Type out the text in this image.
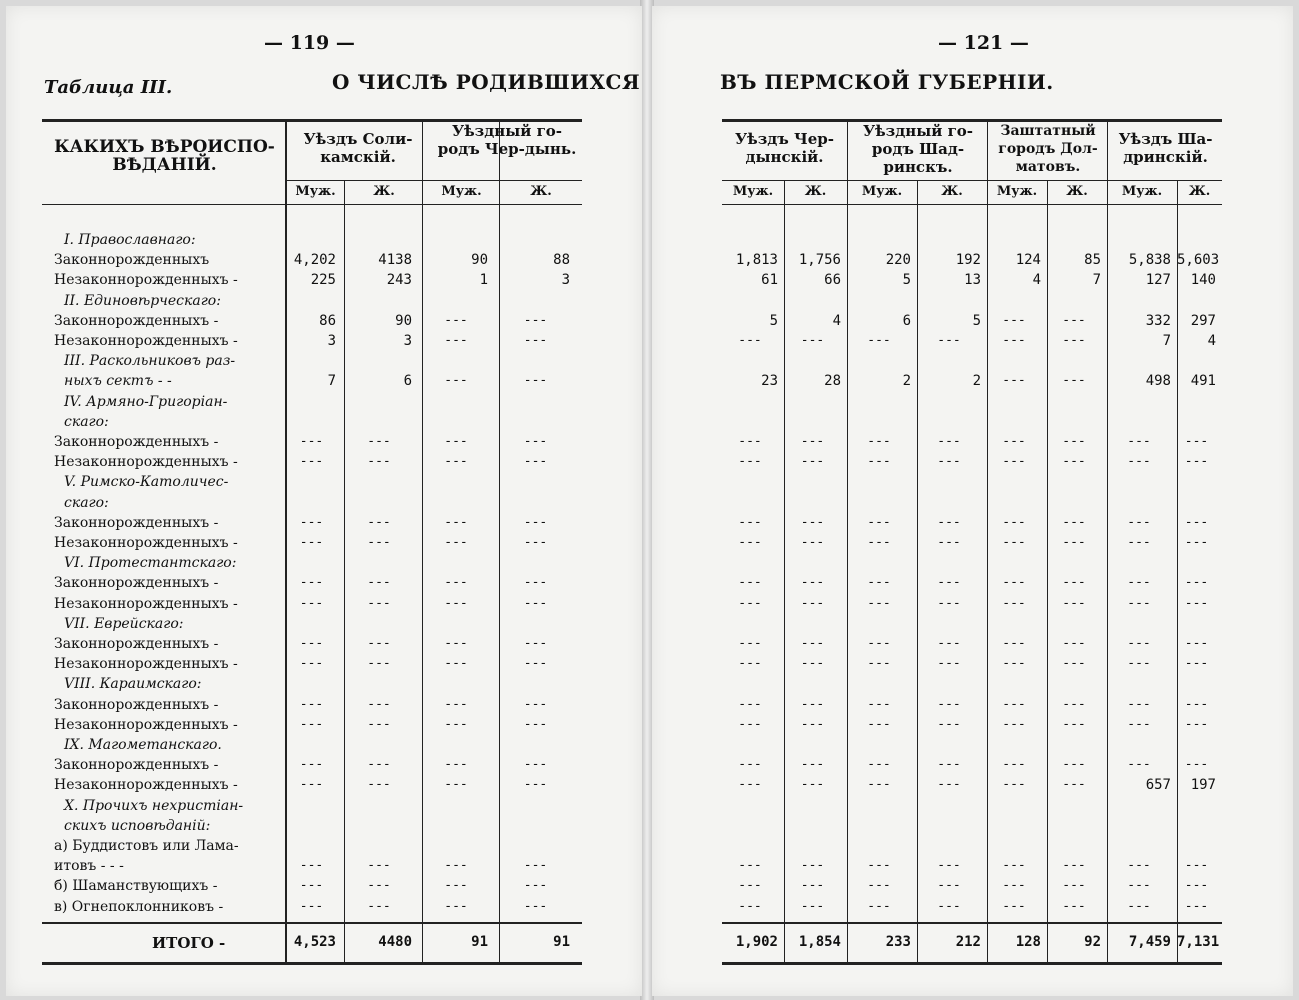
— 119 —
Таблица III.	О ЧИСЛѢ РОДИВШИХСЯ
КАКИХЪ ВѢРОИСПО-ВѢДАНІЙ.
Уѣздъ Соли-камскій.
Уѣздный го-родъ Чер-дынь.
Муж.	Ж.	Муж.	Ж.
I. Православнаго:
Законнорожденныхъ	4,202	4138	90	88
Незаконнорожденныхъ -	225	243	1	3
II. Единовѣрческаго:
Законнорожденныхъ -	86	90	---	---
Незаконнорожденныхъ -	3	3	---	---
III. Раскольниковъ раз-
ныхъ сектъ - -	7	6	---	---
IV. Армяно-Григоріан-
скаго:
Законнорожденныхъ -	---	---	---	---
Незаконнорожденныхъ -	---	---	---	---
V. Римско-Католичес-
скаго:
Законнорожденныхъ -	---	---	---	---
Незаконнорожденныхъ -	---	---	---	---
VI. Протестантскаго:
Законнорожденныхъ -	---	---	---	---
Незаконнорожденныхъ -	---	---	---	---
VII. Еврейскаго:
Законнорожденныхъ -	---	---	---	---
Незаконнорожденныхъ -	---	---	---	---
VIII. Караимскаго:
Законнорожденныхъ -	---	---	---	---
Незаконнорожденныхъ -	---	---	---	---
IX. Магометанскаго.
Законнорожденныхъ -	---	---	---	---
Незаконнорожденныхъ -	---	---	---	---
X. Прочихъ нехристіан-
скихъ исповѣданій:
а) Буддистовъ или Лама-
итовъ - - -	---	---	---	---
б) Шаманствующихъ -	---	---	---	---
в) Огнепоклонниковъ -	---	---	---	---
ИТОГО -	4,523	4480	91	91
— 121 —
ВЪ ПЕРМСКОЙ ГУБЕРНІИ.
Уѣздъ Чер-дынскій.
Уѣздный го-родъ Шад-ринскъ.
Заштатный городъ Дол-матовъ.
Уѣздъ Ша-дринскій.
Муж.	Ж.	Муж.	Ж.	Муж.	Ж.	Муж.	Ж.
1,813	1,756	220	192	124	85	5,838 5,603
61	66	5	13	4	7	127	140
5	4	6	5	---	---	332	297
---	---	---	---	---	---	7	4
23	28	2	2	---	---	498	491
---	---	---	---	---	---	---	---
---	---	---	---	---	---	---	---
---	---	---	---	---	---	---	---
---	---	---	---	---	---	---	---
---	---	---	---	---	---	---	---
---	---	---	---	---	---	---	---
---	---	---	---	---	---	---	---
---	---	---	---	---	---	---	---
---	---	---	---	---	---	---	---
---	---	---	---	---	---	---	---
---	---	---	---	---	---	---	---
---	---	---	---	---	---	657	197
---	---	---	---	---	---	---	---
---	---	---	---	---	---	---	---
---	---	---	---	---	---	---	---
1,902	1,854	233	212	128	92	7,459 7,131
